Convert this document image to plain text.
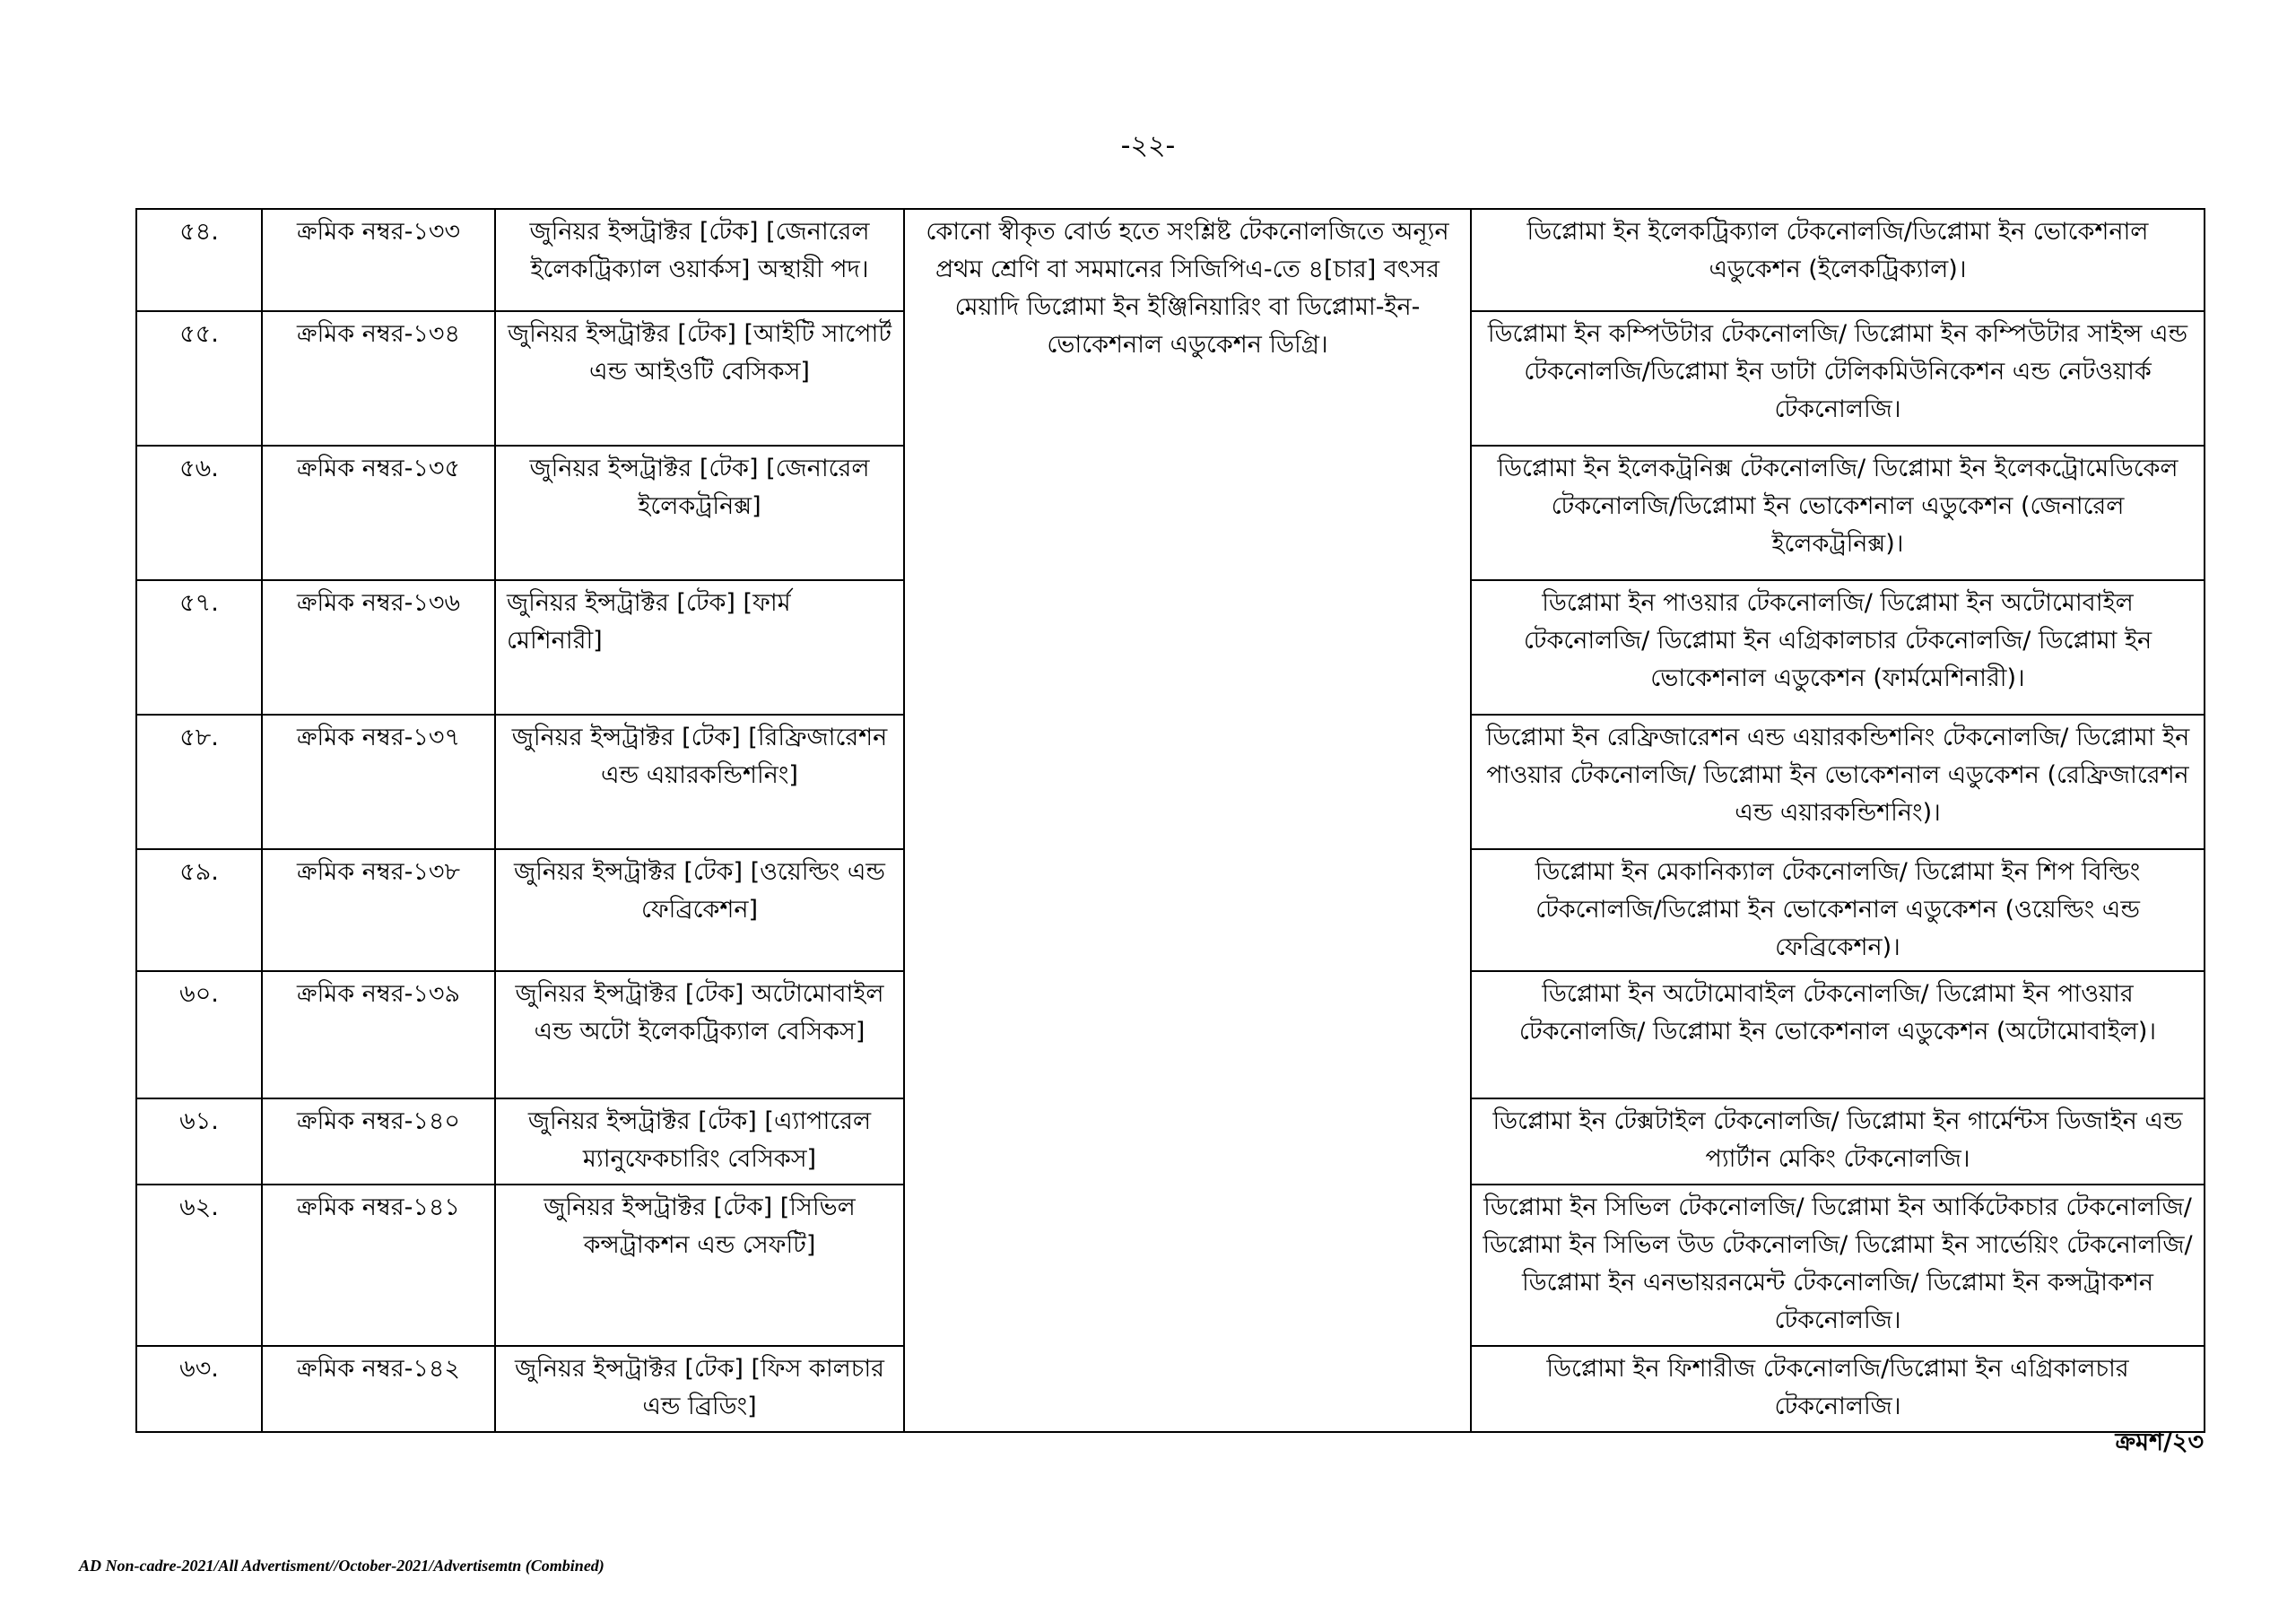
-২২-
৫৪.	ক্রমিক নম্বর-১৩৩	জুনিয়র ইন্সট্রাক্টর [টেক] [জেনারেল ইলেকট্রিক্যাল ওয়ার্কস] অস্থায়ী পদ।	কোনো স্বীকৃত বোর্ড হতে সংশ্লিষ্ট টেকনোলজিতে অন্যূন প্রথম শ্রেণি বা সমমানের সিজিপিএ-তে ৪[চার] বৎসর মেয়াদি ডিপ্লোমা ইন ইঞ্জিনিয়ারিং বা ডিপ্লোমা-ইন-ভোকেশনাল এডুকেশন ডিগ্রি।	ডিপ্লোমা ইন ইলেকট্রিক্যাল টেকনোলজি/ডিপ্লোমা ইন ভোকেশনাল এডুকেশন (ইলেকট্রিক্যাল)।
৫৫.	ক্রমিক নম্বর-১৩৪	জুনিয়র ইন্সট্রাক্টর [টেক] [আইটি সাপোর্ট এন্ড আইওটি বেসিকস]		ডিপ্লোমা ইন কম্পিউটার টেকনোলজি/ ডিপ্লোমা ইন কম্পিউটার সাইন্স এন্ড টেকনোলজি/ডিপ্লোমা ইন ডাটা টেলিকমিউনিকেশন এন্ড নেটওয়ার্ক টেকনোলজি।
৫৬.	ক্রমিক নম্বর-১৩৫	জুনিয়র ইন্সট্রাক্টর [টেক] [জেনারেল ইলেকট্রনিক্স]		ডিপ্লোমা ইন ইলেকট্রনিক্স টেকনোলজি/ ডিপ্লোমা ইন ইলেকট্রোমেডিকেল টেকনোলজি/ডিপ্লোমা ইন ভোকেশনাল এডুকেশন (জেনারেল ইলেকট্রনিক্স)।
৫৭.	ক্রমিক নম্বর-১৩৬	জুনিয়র ইন্সট্রাক্টর [টেক] [ফার্ম মেশিনারী]		ডিপ্লোমা ইন পাওয়ার টেকনোলজি/ ডিপ্লোমা ইন অটোমোবাইল টেকনোলজি/ ডিপ্লোমা ইন এগ্রিকালচার টেকনোলজি/ ডিপ্লোমা ইন ভোকেশনাল এডুকেশন (ফার্মমেশিনারী)।
৫৮.	ক্রমিক নম্বর-১৩৭	জুনিয়র ইন্সট্রাক্টর [টেক] [রিফ্রিজারেশন এন্ড এয়ারকন্ডিশনিং]		ডিপ্লোমা ইন রেফ্রিজারেশন এন্ড এয়ারকন্ডিশনিং টেকনোলজি/ ডিপ্লোমা ইন পাওয়ার টেকনোলজি/ ডিপ্লোমা ইন ভোকেশনাল এডুকেশন (রেফ্রিজারেশন এন্ড এয়ারকন্ডিশনিং)।
৫৯.	ক্রমিক নম্বর-১৩৮	জুনিয়র ইন্সট্রাক্টর [টেক] [ওয়েল্ডিং এন্ড ফেব্রিকেশন]		ডিপ্লোমা ইন মেকানিক্যাল টেকনোলজি/ ডিপ্লোমা ইন শিপ বিল্ডিং টেকনোলজি/ডিপ্লোমা ইন ভোকেশনাল এডুকেশন (ওয়েল্ডিং এন্ড ফেব্রিকেশন)।
৬০.	ক্রমিক নম্বর-১৩৯	জুনিয়র ইন্সট্রাক্টর [টেক] অটোমোবাইল এন্ড অটো ইলেকট্রিক্যাল বেসিকস]		ডিপ্লোমা ইন অটোমোবাইল টেকনোলজি/ ডিপ্লোমা ইন পাওয়ার টেকনোলজি/ ডিপ্লোমা ইন ভোকেশনাল এডুকেশন (অটোমোবাইল)।
৬১.	ক্রমিক নম্বর-১৪০	জুনিয়র ইন্সট্রাক্টর [টেক] [এ্যাপারেল ম্যানুফেকচারিং বেসিকস]		ডিপ্লোমা ইন টেক্সটাইল টেকনোলজি/ ডিপ্লোমা ইন গার্মেন্টস ডিজাইন এন্ড প্যার্টান মেকিং টেকনোলজি।
৬২.	ক্রমিক নম্বর-১৪১	জুনিয়র ইন্সট্রাক্টর [টেক] [সিভিল কন্সট্রাকশন এন্ড সেফটি]		ডিপ্লোমা ইন সিভিল টেকনোলজি/ ডিপ্লোমা ইন আর্কিটেকচার টেকনোলজি/ডিপ্লোমা ইন সিভিল উড টেকনোলজি/ ডিপ্লোমা ইন সার্ভেয়িং টেকনোলজি/ ডিপ্লোমা ইন এনভায়রনমেন্ট টেকনোলজি/ ডিপ্লোমা ইন কন্সট্রাকশন টেকনোলজি।
৬৩.	ক্রমিক নম্বর-১৪২	জুনিয়র ইন্সট্রাক্টর [টেক] [ফিস কালচার এন্ড ব্রিডিং]		ডিপ্লোমা ইন ফিশারীজ টেকনোলজি/ডিপ্লোমা ইন এগ্রিকালচার টেকনোলজি।
ক্রমশ/২৩
AD Non-cadre-2021/All Advertisment//October-2021/Advertisemtn (Combined)
